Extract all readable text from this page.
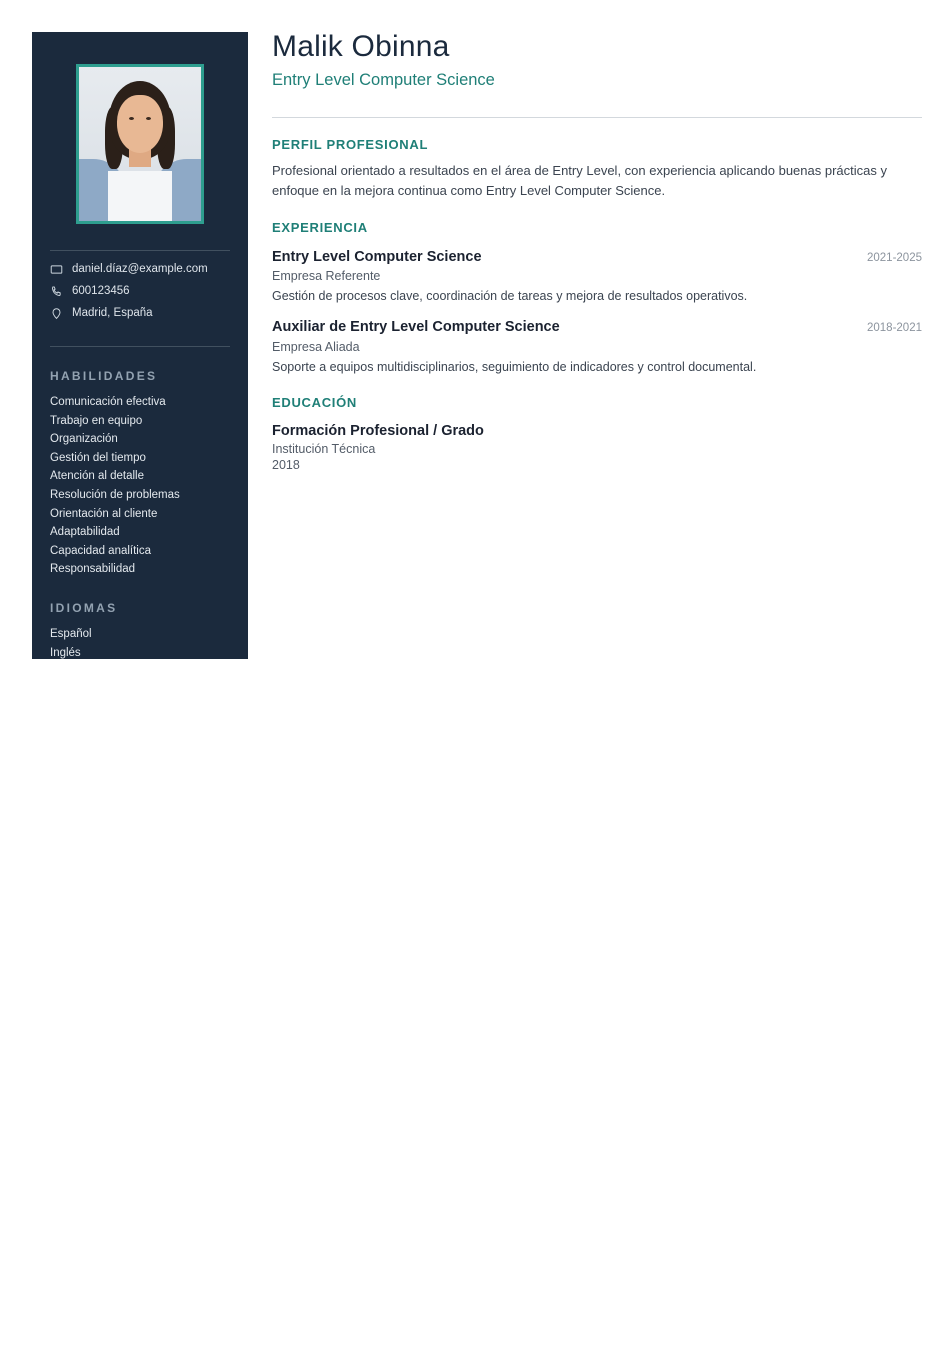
daniel.díaz@example.com
600123456
Madrid, España
HABILIDADES
Comunicación efectiva
Trabajo en equipo
Organización
Gestión del tiempo
Atención al detalle
Resolución de problemas
Orientación al cliente
Adaptabilidad
Capacidad analítica
Responsabilidad
IDIOMAS
Español
Inglés
Malik Obinna
Entry Level Computer Science
PERFIL PROFESIONAL

Profesional orientado a resultados en el área de Entry Level, con experiencia aplicando buenas prácticas y enfoque en la mejora continua como Entry Level Computer Science.

EXPERIENCIA
Entry Level Computer Science	2021-2025
Empresa Referente
Gestión de procesos clave, coordinación de tareas y mejora de resultados operativos.
Auxiliar de Entry Level Computer Science	2018-2021
Empresa Aliada
Soporte a equipos multidisciplinarios, seguimiento de indicadores y control documental.
EDUCACIÓN
Formación Profesional / Grado
Institución Técnica
2018
